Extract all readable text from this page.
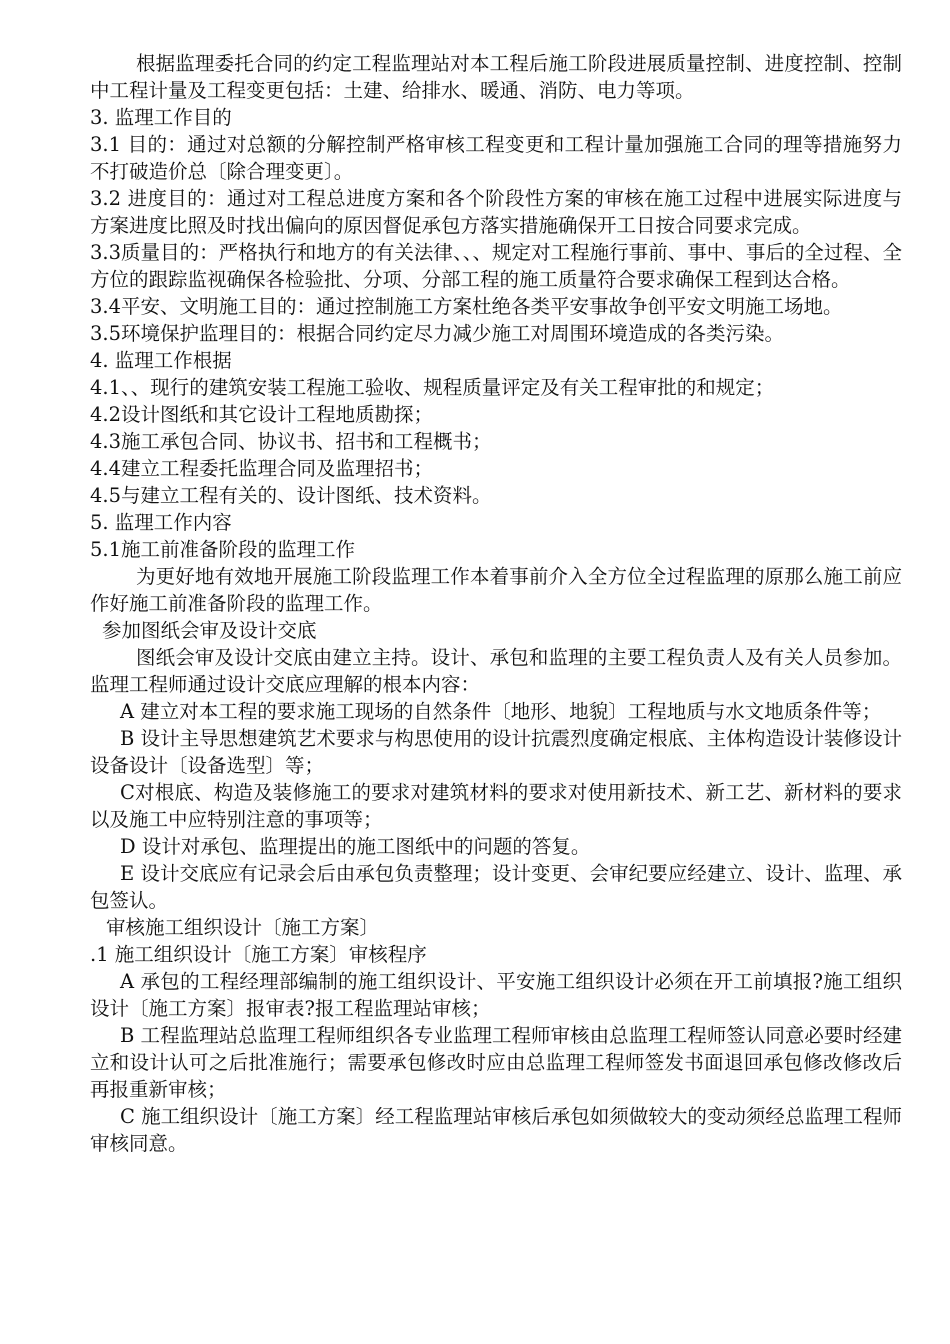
根据监理委托合同的约定工程监理站对本工程后施工阶段进展质量控制、进度控制、控制中工程计量及工程变更包括：土建、给排水、暖通、消防、电力等项。

3. 监理工作目的

3.1 目的：通过对总额的分解控制严格审核工程变更和工程计量加强施工合同的理等措施努力不打破造价总〔除合理变更〕。

3.2 进度目的：通过对工程总进度方案和各个阶段性方案的审核在施工过程中进展实际进度与方案进度比照及时找出偏向的原因督促承包方落实措施确保开工日按合同要求完成。

3.3质量目的：严格执行和地方的有关法律、、、规定对工程施行事前、事中、事后的全过程、全方位的跟踪监视确保各检验批、分项、分部工程的施工质量符合要求确保工程到达合格。

3.4平安、文明施工目的：通过控制施工方案杜绝各类平安事故争创平安文明施工场地。

3.5环境保护监理目的：根据合同约定尽力减少施工对周围环境造成的各类污染。

4. 监理工作根据

4.1、、现行的建筑安装工程施工验收、规程质量评定及有关工程审批的和规定；

4.2设计图纸和其它设计工程地质勘探；

4.3施工承包合同、协议书、招书和工程概书；

4.4建立工程委托监理合同及监理招书；

4.5与建立工程有关的、设计图纸、技术资料。

5. 监理工作内容

5.1施工前准备阶段的监理工作

为更好地有效地开展施工阶段监理工作本着事前介入全方位全过程监理的原那么施工前应作好施工前准备阶段的监理工作。

参加图纸会审及设计交底

图纸会审及设计交底由建立主持。设计、承包和监理的主要工程负责人及有关人员参加。监理工程师通过设计交底应理解的根本内容：

A 建立对本工程的要求施工现场的自然条件〔地形、地貌〕工程地质与水文地质条件等；

B 设计主导思想建筑艺术要求与构思使用的设计抗震烈度确定根底、主体构造设计装修设计设备设计〔设备选型〕等；

C对根底、构造及装修施工的要求对建筑材料的要求对使用新技术、新工艺、新材料的要求以及施工中应特别注意的事项等；

D 设计对承包、监理提出的施工图纸中的问题的答复。

E 设计交底应有记录会后由承包负责整理；设计变更、会审纪要应经建立、设计、监理、承包签认。

审核施工组织设计〔施工方案〕

.1 施工组织设计〔施工方案〕审核程序

A 承包的工程经理部编制的施工组织设计、平安施工组织设计必须在开工前填报?施工组织设计〔施工方案〕报审表?报工程监理站审核；

B 工程监理站总监理工程师组织各专业监理工程师审核由总监理工程师签认同意必要时经建立和设计认可之后批准施行；需要承包修改时应由总监理工程师签发书面退回承包修改修改后再报重新审核；

C 施工组织设计〔施工方案〕经工程监理站审核后承包如须做较大的变动须经总监理工程师审核同意。
